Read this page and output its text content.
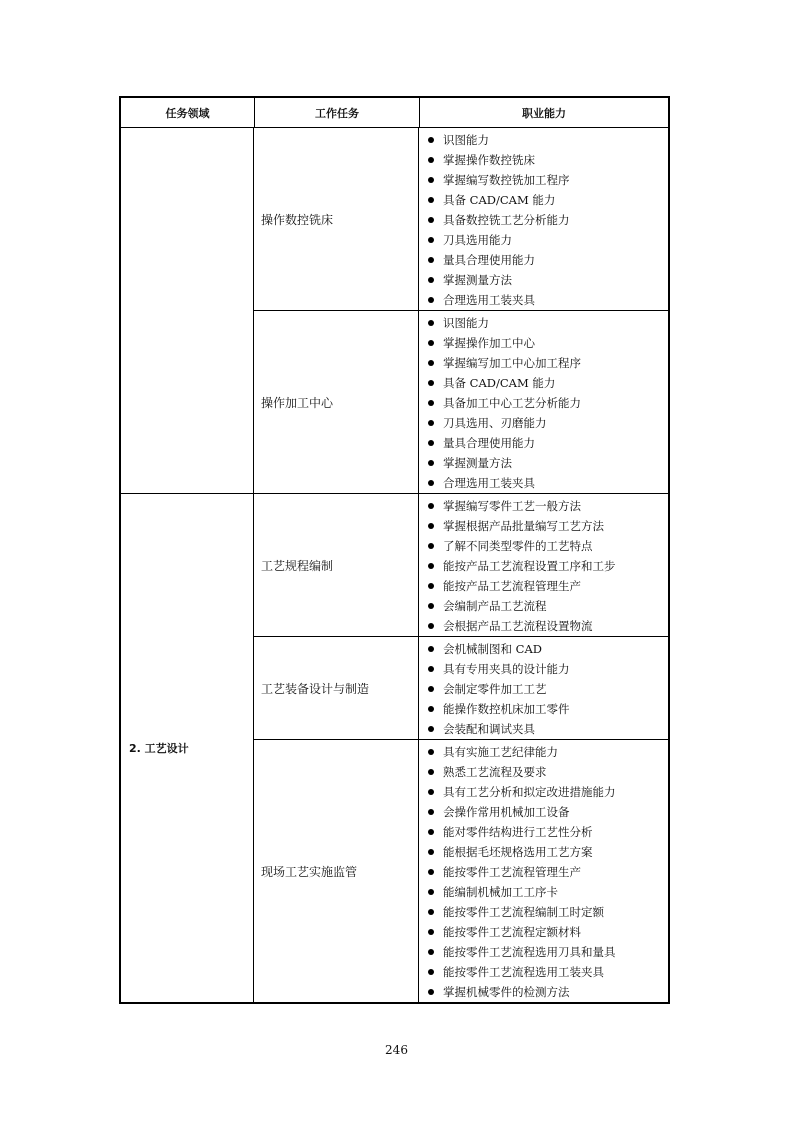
任务领域	工作任务	职业能力
操作数控铣床
识图能力
掌握操作数控铣床
掌握编写数控铣加工程序
具备 CAD/CAM 能力
具备数控铣工艺分析能力
刀具选用能力
量具合理使用能力
掌握测量方法
合理选用工装夹具
操作加工中心
识图能力
掌握操作加工中心
掌握编写加工中心加工程序
具备 CAD/CAM 能力
具备加工中心工艺分析能力
刀具选用、刃磨能力
量具合理使用能力
掌握测量方法
合理选用工装夹具
2. 工艺设计
工艺规程编制
掌握编写零件工艺一般方法
掌握根据产品批量编写工艺方法
了解不同类型零件的工艺特点
能按产品工艺流程设置工序和工步
能按产品工艺流程管理生产
会编制产品工艺流程
会根据产品工艺流程设置物流
工艺装备设计与制造
会机械制图和 CAD
具有专用夹具的设计能力
会制定零件加工工艺
能操作数控机床加工零件
会装配和调试夹具
现场工艺实施监管
具有实施工艺纪律能力
熟悉工艺流程及要求
具有工艺分析和拟定改进措施能力
会操作常用机械加工设备
能对零件结构进行工艺性分析
能根据毛坯规格选用工艺方案
能按零件工艺流程管理生产
能编制机械加工工序卡
能按零件工艺流程编制工时定额
能按零件工艺流程定额材料
能按零件工艺流程选用刀具和量具
能按零件工艺流程选用工装夹具
掌握机械零件的检测方法
246
